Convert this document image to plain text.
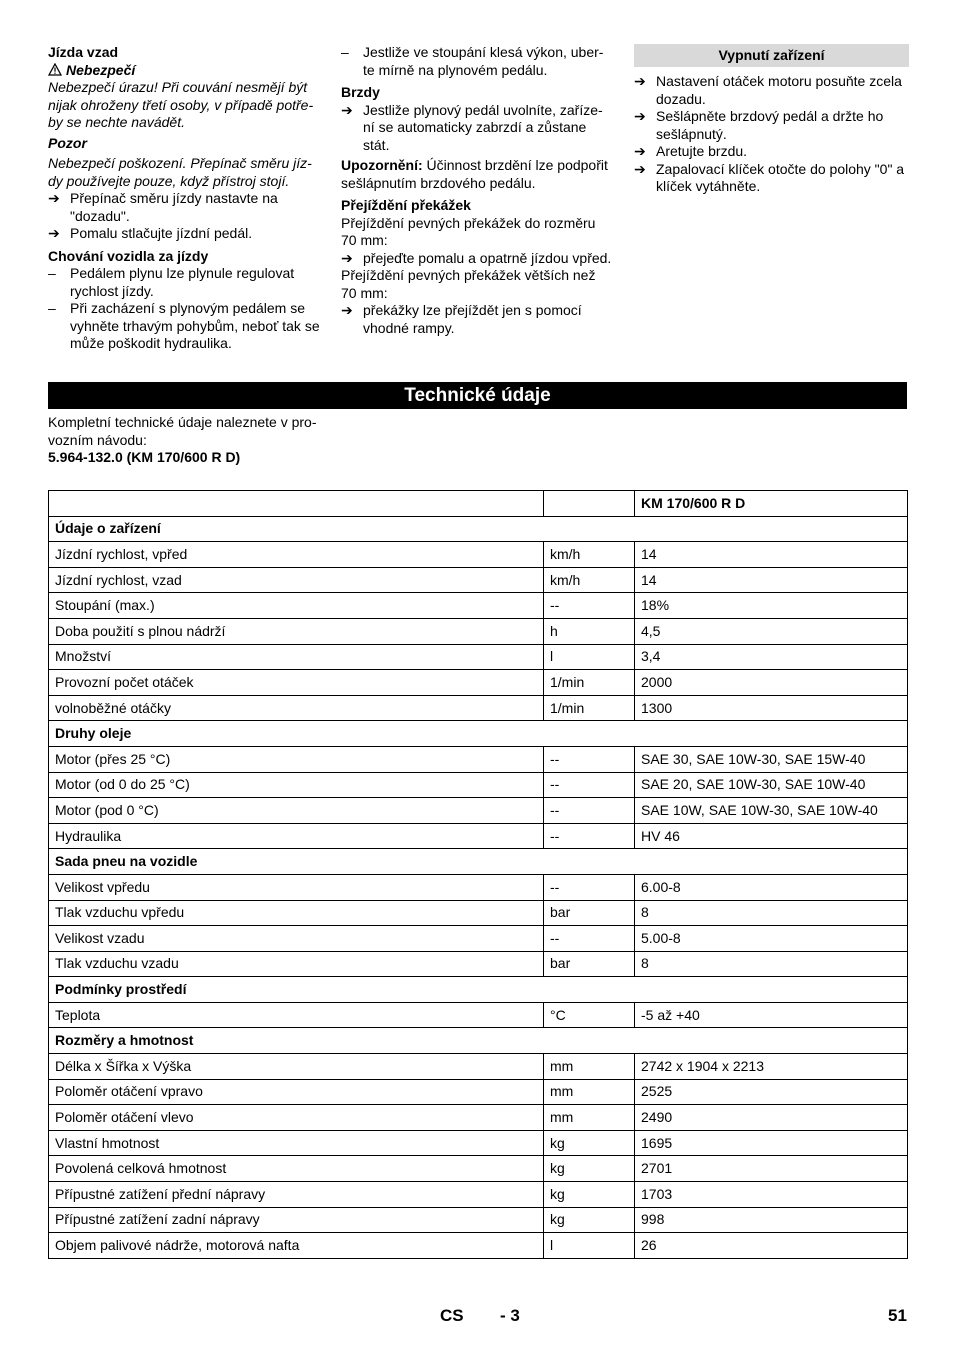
Jízda vzad

Nebezpečí

Nebezpečí úrazu! Při couvání nesmějí být nijak ohroženy třetí osoby, v případě potře-by se nechte navádět.

Pozor

Nebezpečí poškození. Přepínač směru jíz-dy používejte pouze, když přístroj stojí.

➔ Přepínač směru jízdy nastavte na "dozadu".
➔ Pomalu stlačujte jízdní pedál.

Chování vozidla za jízdy

–	Pedálem plynu lze plynule regulovat rychlost jízdy.
–	Při zacházení s plynovým pedálem se vyhněte trhavým pohybům, neboť tak se může poškodit hydraulika.
–	Jestliže ve stoupání klesá výkon, uber-te mírně na plynovém pedálu.

Brzdy

➔ Jestliže plynový pedál uvolníte, zaříze-ní se automaticky zabrzdí a zůstane stát.

Upozornění: Účinnost brzdění lze podpořit sešlápnutím brzdového pedálu.

Přejíždění překážek

Přejíždění pevných překážek do rozměru 70 mm:

➔ přejeďte pomalu a opatrně jízdou vpřed.

Přejíždění pevných překážek větších než 70 mm:

➔ překážky lze přejíždět jen s pomocí vhodné rampy.
Vypnutí zařízení
➔ Nastavení otáček motoru posuňte zcela dozadu.
➔ Sešlápněte brzdový pedál a držte ho sešlápnutý.
➔ Aretujte brzdu.
➔ Zapalovací klíček otočte do polohy "0" a klíček vytáhněte.
Technické údaje

Kompletní technické údaje naleznete v pro-vozním návodu:

5.964-132.0 (KM 170/600 R D)

		KM 170/600 R D
Údaje o zařízení		
Jízdní rychlost, vpřed	km/h	14
Jízdní rychlost, vzad	km/h	14
Stoupání (max.)	--	18%
Doba použití s plnou nádrží	h	4,5
Množství	l	3,4
Provozní počet otáček	1/min	2000
volnoběžné otáčky	1/min	1300
Druhy oleje		
Motor (přes 25 °C)	--	SAE 30, SAE 10W-30, SAE 15W-40
Motor (od 0 do 25 °C)	--	SAE 20, SAE 10W-30, SAE 10W-40
Motor (pod 0 °C)	--	SAE 10W, SAE 10W-30, SAE 10W-40
Hydraulika	--	HV 46
Sada pneu na vozidle		
Velikost vpředu	--	6.00-8
Tlak vzduchu vpředu	bar	8
Velikost vzadu	--	5.00-8
Tlak vzduchu vzadu	bar	8
Podmínky prostředí		
Teplota	°C	-5 až +40
Rozměry a hmotnost		
Délka x Šířka x Výška	mm	2742 x 1904 x 2213
Poloměr otáčení vpravo	mm	2525
Poloměr otáčení vlevo	mm	2490
Vlastní hmotnost	kg	1695
Povolená celková hmotnost	kg	2701
Přípustné zatížení přední nápravy	kg	1703
Přípustné zatížení zadní nápravy	kg	998
Objem palivové nádrže, motorová nafta	l	26
CS - 3	51
